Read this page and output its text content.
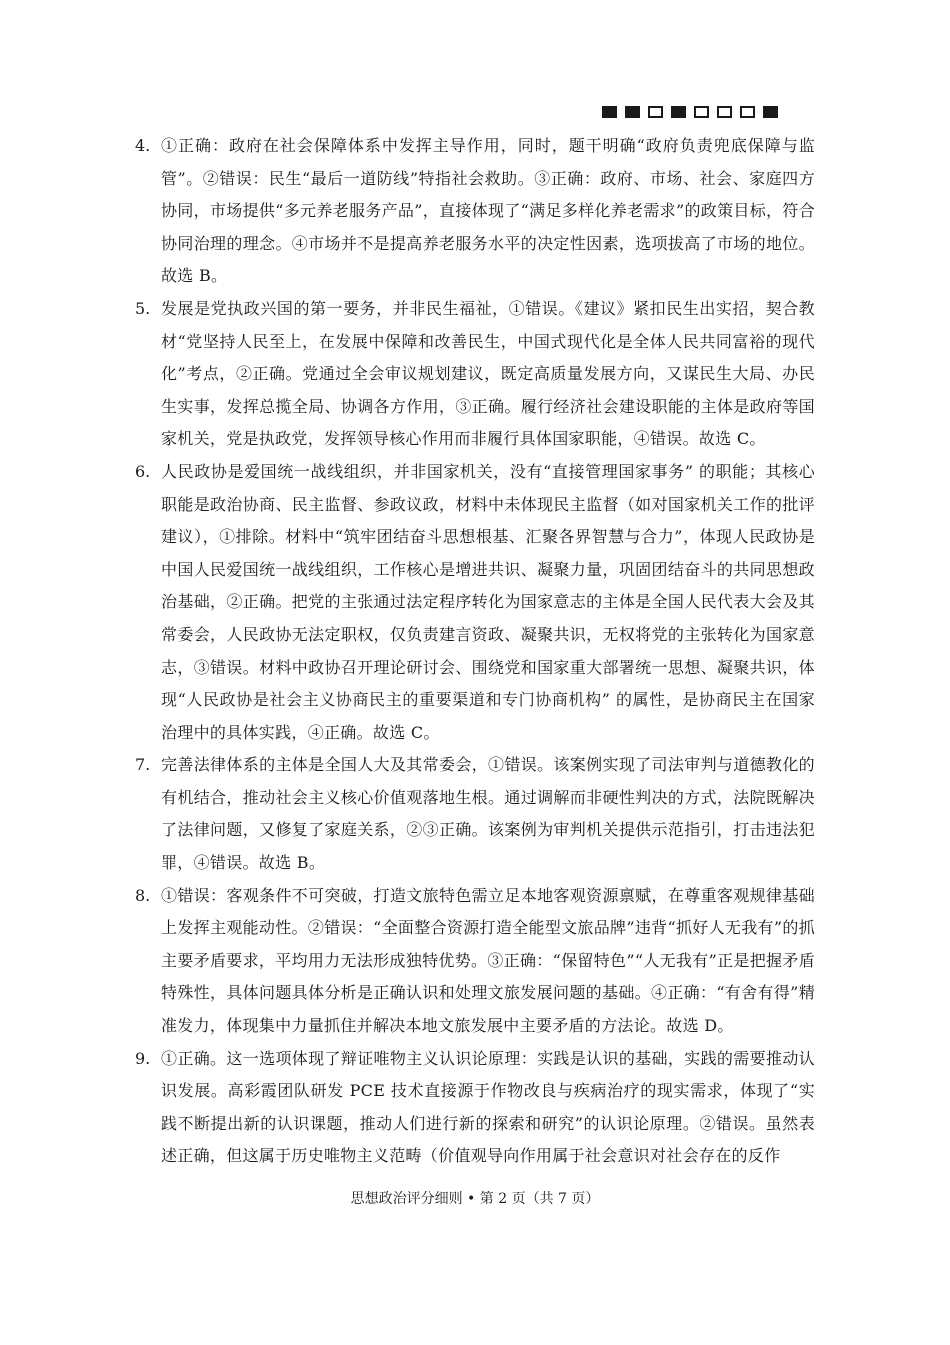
4. ①正确：政府在社会保障体系中发挥主导作用，同时，题干明确“政府负责兜底保障与监管”。②错误：民生“最后一道防线”特指社会救助。③正确：政府、市场、社会、家庭四方协同，市场提供“多元养老服务产品”，直接体现了“满足多样化养老需求”的政策目标，符合协同治理的理念。④市场并不是提高养老服务水平的决定性因素，选项拔高了市场的地位。故选 B。
5. 发展是党执政兴国的第一要务，并非民生福祉，①错误。《建议》紧扣民生出实招，契合教材“党坚持人民至上，在发展中保障和改善民生，中国式现代化是全体人民共同富裕的现代化”考点，②正确。党通过全会审议规划建议，既定高质量发展方向，又谋民生大局、办民生实事，发挥总揽全局、协调各方作用，③正确。履行经济社会建设职能的主体是政府等国家机关，党是执政党，发挥领导核心作用而非履行具体国家职能，④错误。故选 C。
6. 人民政协是爱国统一战线组织，并非国家机关，没有“直接管理国家事务” 的职能；其核心职能是政治协商、民主监督、参政议政，材料中未体现民主监督（如对国家机关工作的批评建议），①排除。材料中“筑牢团结奋斗思想根基、汇聚各界智慧与合力”，体现人民政协是中国人民爱国统一战线组织，工作核心是增进共识、凝聚力量，巩固团结奋斗的共同思想政治基础，②正确。把党的主张通过法定程序转化为国家意志的主体是全国人民代表大会及其常委会，人民政协无法定职权，仅负责建言资政、凝聚共识，无权将党的主张转化为国家意志，③错误。材料中政协召开理论研讨会、围绕党和国家重大部署统一思想、凝聚共识，体现“人民政协是社会主义协商民主的重要渠道和专门协商机构” 的属性，是协商民主在国家治理中的具体实践，④正确。故选 C。
7. 完善法律体系的主体是全国人大及其常委会，①错误。该案例实现了司法审判与道德教化的有机结合，推动社会主义核心价值观落地生根。通过调解而非硬性判决的方式，法院既解决了法律问题，又修复了家庭关系，②③正确。该案例为审判机关提供示范指引，打击违法犯罪，④错误。故选 B。
8. ①错误：客观条件不可突破，打造文旅特色需立足本地客观资源禀赋，在尊重客观规律基础上发挥主观能动性。②错误：“全面整合资源打造全能型文旅品牌”违背“抓好人无我有”的抓主要矛盾要求，平均用力无法形成独特优势。③正确：“保留特色”“人无我有”正是把握矛盾特殊性，具体问题具体分析是正确认识和处理文旅发展问题的基础。④正确：“有舍有得”精准发力，体现集中力量抓住并解决本地文旅发展中主要矛盾的方法论。故选 D。
9. ①正确。这一选项体现了辩证唯物主义认识论原理：实践是认识的基础，实践的需要推动认识发展。高彩霞团队研发 PCE 技术直接源于作物改良与疾病治疗的现实需求，体现了“实践不断提出新的认识课题，推动人们进行新的探索和研究”的认识论原理。②错误。虽然表述正确，但这属于历史唯物主义范畴（价值观导向作用属于社会意识对社会存在的反作
思想政治评分细则 • 第 2 页（共 7 页）
